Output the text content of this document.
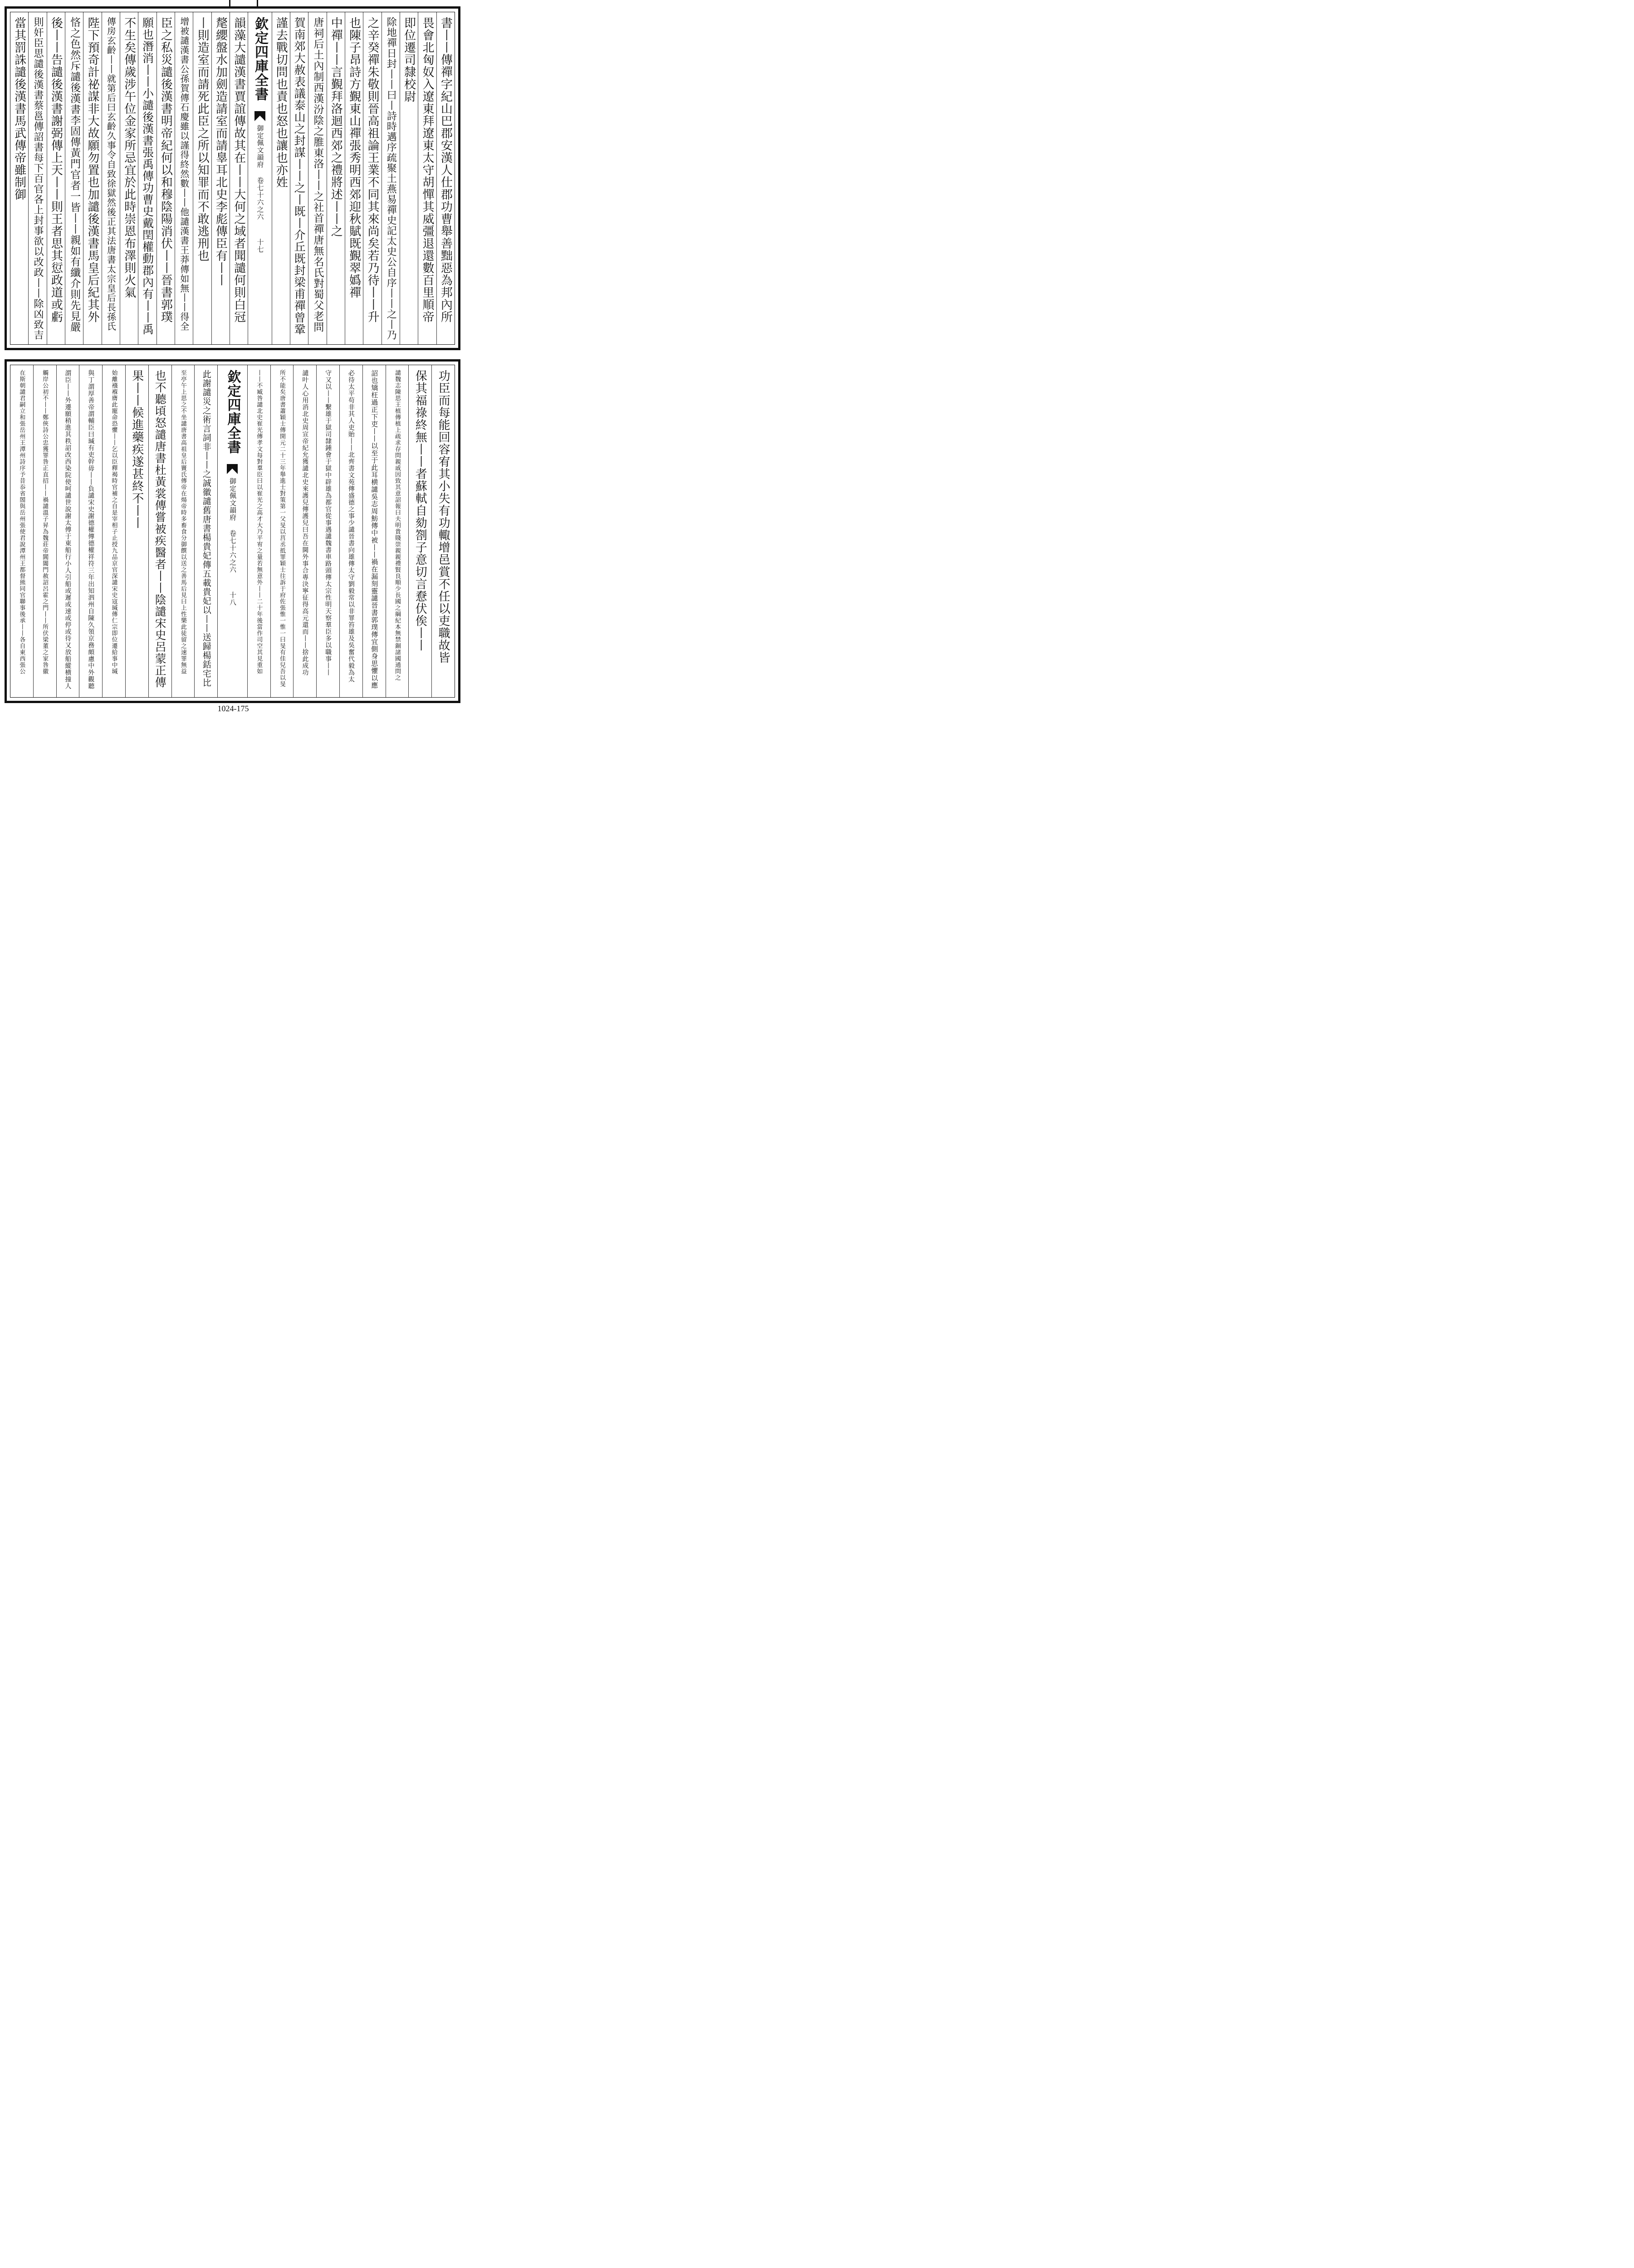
書丨丨傳禪字紀山巴郡安漢人仕郡功曹舉善黜惡為邦內所
畏會北匈奴入遼東拜遼東太守胡憚其威彊退還數百里順帝
即位遷司隸校尉
除地禪日封丨丨曰丨詩時邁序疏聚土燕易禪史記太史公自序丨丨之丨乃
之辛癸禪朱敬則晉高祖論王業不同其來尚矣若乃待丨丨升
也陳子昂詩方覲東山禪張秀明西郊迎秋賦既覲翠嬀禪
中禪丨丨言覲拜洛迴西郊之禮將述丨丨之
唐祠后土內制西漢汾陰之脽東洛丨丨之社首禪唐無名氏對蜀父老問
賀南郊大赦表議泰山之封謀丨丨之丨既丨介丘既封梁甫禪曾鞏
謹去戰切問也責也怒也讓也亦姓
欽定四庫全書
御定佩文韻府 卷七十六之六
十七
韻藻大譴漢書賈誼傳故其在丨丨大何之域者聞譴何則白冠
氂纓盤水加劍造請室而請辠耳北史李彪傳臣有丨丨
丨則造室而請死此臣之所以知罪而不敢逃刑也
增被譴漢書公孫賀傳石慶雖以謹得終然數丨丨他譴漢書王莽傳如無丨丨得全
臣之私災譴後漢書明帝紀何以和穆陰陽消伏丨丨晉書郭璞
願也潛消丨丨小譴後漢書張禹傳功曹史戴閏權動郡內有丨丨禹
不生矣傳歲涉午位金家所忌宜於此時崇恩布澤則火氣
傳房玄齡丨丨就第后曰玄齡久事令自致徐獄然後正其法唐書太宗皇后長孫氏
陛下預奇計祕謀非大故願勿置也加譴後漢書馬皇后紀其外
悋之色然斥譴後漢書李固傳黃門官者一皆丨丨親如有纖介則先見嚴
後丨丨告譴後漢書謝弼傳上天丨丨則王者思其愆政道或虧
則奸臣思譴後漢書蔡邕傳詔書每下百官各上封事欲以改政丨丨除凶致吉
當其罰誅譴後漢書馬武傳帝雖制御
功臣而每能回容宥其小失有功輙增邑賞不任以吏職故皆
保其福祿終無丨丨者蘇軾自劾劄子意切言憃伏俟丨丨
譴魏志陳思王植傳植上疏求存問親戚因致其意詔報曰夫明貴賤崇親親禮賢良順少長國之綱紀本無禁錮諸國通問之
詔也矯枉過正下吏丨丨以至于此耳横譴吳志周魴傳中被丨丨禍在漏刻靈譴晉書郭璞傳宜側身思懼以應
必待太平苟非其人吏貽丨丨北齊書文苑傳盛德之事少譴晉書向雄傳太守劉毅常以非罪笞雄及吳奮代毅為太
守又以丨丨繫雄于獄司隸鍾會于獄中辟雄為都官從事遇譴魏書車路頭傳太宗性明天察羣臣多以職事丨丨
譴叶人心用消北史周宣帝紀允獲譴北史來護兒傳護兒曰吾在閫外事合專決寧征得高元還而丨丨捨此成功
所不能矣唐書蕭穎士傳開元二十三年舉進士對策第一父旻以莒丞抵罪穎士往訴于府佐張惟一惟一曰旻有佳兒吾以旻
丨丨不臧咎譴北史崔光傳孝文每對羣臣曰以崔光之高才大乃平宥之量若無意外丨丨二十年後當作司空其見重如
欽定四庫全書
御定佩文韻府 卷七十六之六
十八
此謝譴災之術言詞非丨丨之誠徽譴舊唐書楊貴妃傳五載貴妃以丨丨送歸楊銛宅比
至亭午上思之不坐譴唐書高祖皇后竇氏傳帝在煬帝時多畜食分御饌以送之善馬后見曰上性樂此徒留之速罪無益
也不聽頃怒譴唐書杜黃裳傳嘗被疾醫者丨丨陰譴宋史呂蒙正傳
果丨丨候進藥疾遂甚終不丨丨
始離襁褓膺此寵命恐懼丨丨乞以臣釋褐時官補之自是宰相子止授九品京官深譴宋史寇瑊傳仁宗即位遷給事中瑊
與丁謂厚善帝謂輔臣曰瑊有吏幹毋丨丨負譴宋史謝德權傳德權祥符三年出知泗州自陳久領京務頗慮中外觀聽
謂臣丨丨外遷願稍進其秩詔改西染院使呵譴世說謝太傅于東船行小人引船或遲或速或停或待又放船縱横撞人
觸岸公初不丨丨鄭俠詩公忠獲罪咎正直招丨丨禍譴溫子昇為魏莊帝閶闔門赦詔呂霍之門丨丨所伏梁董之家咎徽
在斯朝譴君嗣立和張岳州王潭州詩序予昔忝省閤與岳州張使君說潭州王都督熊同官聯事後承丨丨各自東西張公
1024-175
